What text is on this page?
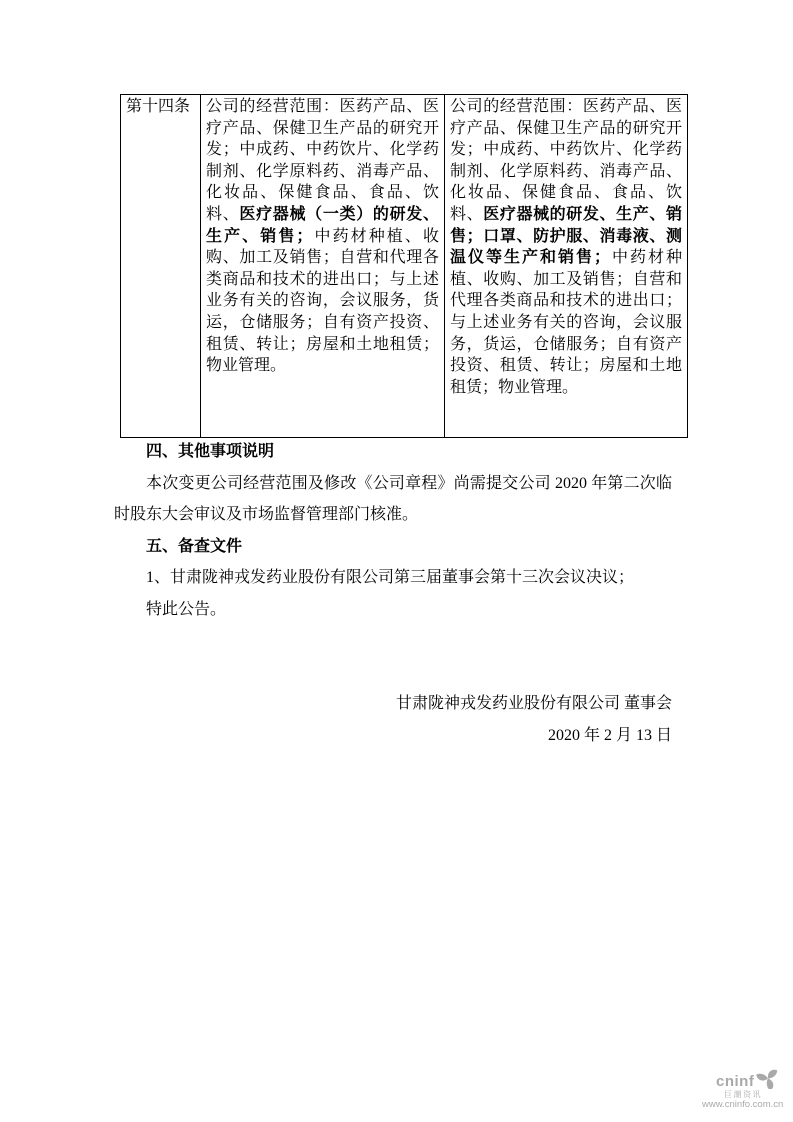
第十四条	公司的经营范围：医药产品、医疗产品、保健卫生产品的研究开发；中成药、中药饮片、化学药制剂、化学原料药、消毒产品、化妆品、保健食品、食品、饮料、医疗器械（一类）的研发、生产、销售；中药材种植、收购、加工及销售；自营和代理各类商品和技术的进出口；与上述业务有关的咨询，会议服务，货运，仓储服务；自有资产投资、租赁、转让；房屋和土地租赁；物业管理。	公司的经营范围：医药产品、医疗产品、保健卫生产品的研究开发；中成药、中药饮片、化学药制剂、化学原料药、消毒产品、化妆品、保健食品、食品、饮料、医疗器械的研发、生产、销售；口罩、防护服、消毒液、测温仪等生产和销售；中药材种植、收购、加工及销售；自营和代理各类商品和技术的进出口；与上述业务有关的咨询，会议服务，货运，仓储服务；自有资产投资、租赁、转让；房屋和土地租赁；物业管理。
四、其他事项说明
本次变更公司经营范围及修改《公司章程》尚需提交公司 2020 年第二次临时股东大会审议及市场监督管理部门核准。
五、备查文件
1、甘肃陇神戎发药业股份有限公司第三届董事会第十三次会议决议；
特此公告。
甘肃陇神戎发药业股份有限公司 董事会
2020 年 2 月 13 日
cninf
巨潮资讯
www.cninfo.com.cn
